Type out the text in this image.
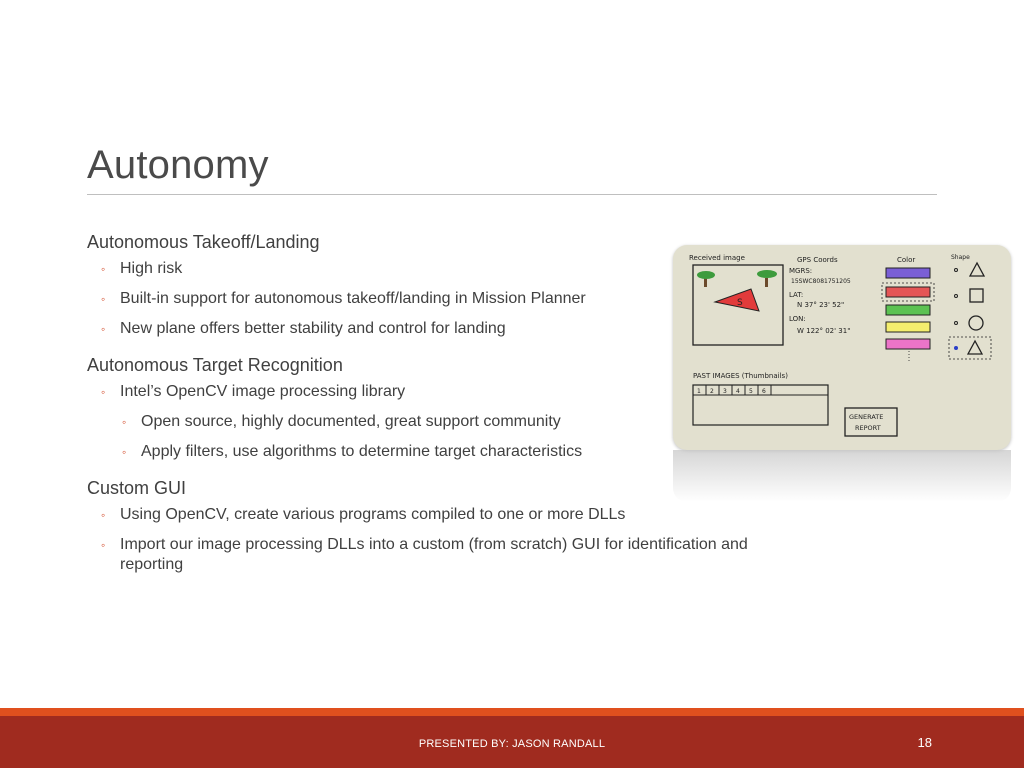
Autonomy
Autonomous Takeoff/Landing
◦ High risk
◦ Built-in support for autonomous takeoff/landing in Mission Planner
◦ New plane offers better stability and control for landing
Autonomous Target Recognition
◦ Intel’s OpenCV image processing library
◦ Open source, highly documented, great support community
◦ Apply filters, use algorithms to determine target characteristics
Custom GUI
◦ Using OpenCV, create various programs compiled to one or more DLLs
◦ Import our image processing DLLs into a custom (from scratch) GUI for identification and reporting
Received image
S
GPS Coords
MGRS:
15SWC8081751205
LAT:
N 37° 23' 52"
LON:
W 122° 02' 31"
Color	Shape
PAST IMAGES (Thumbnails)
1 2 3 4 5 6
GENERATE
REPORT
PRESENTED BY: JASON RANDALL	18
